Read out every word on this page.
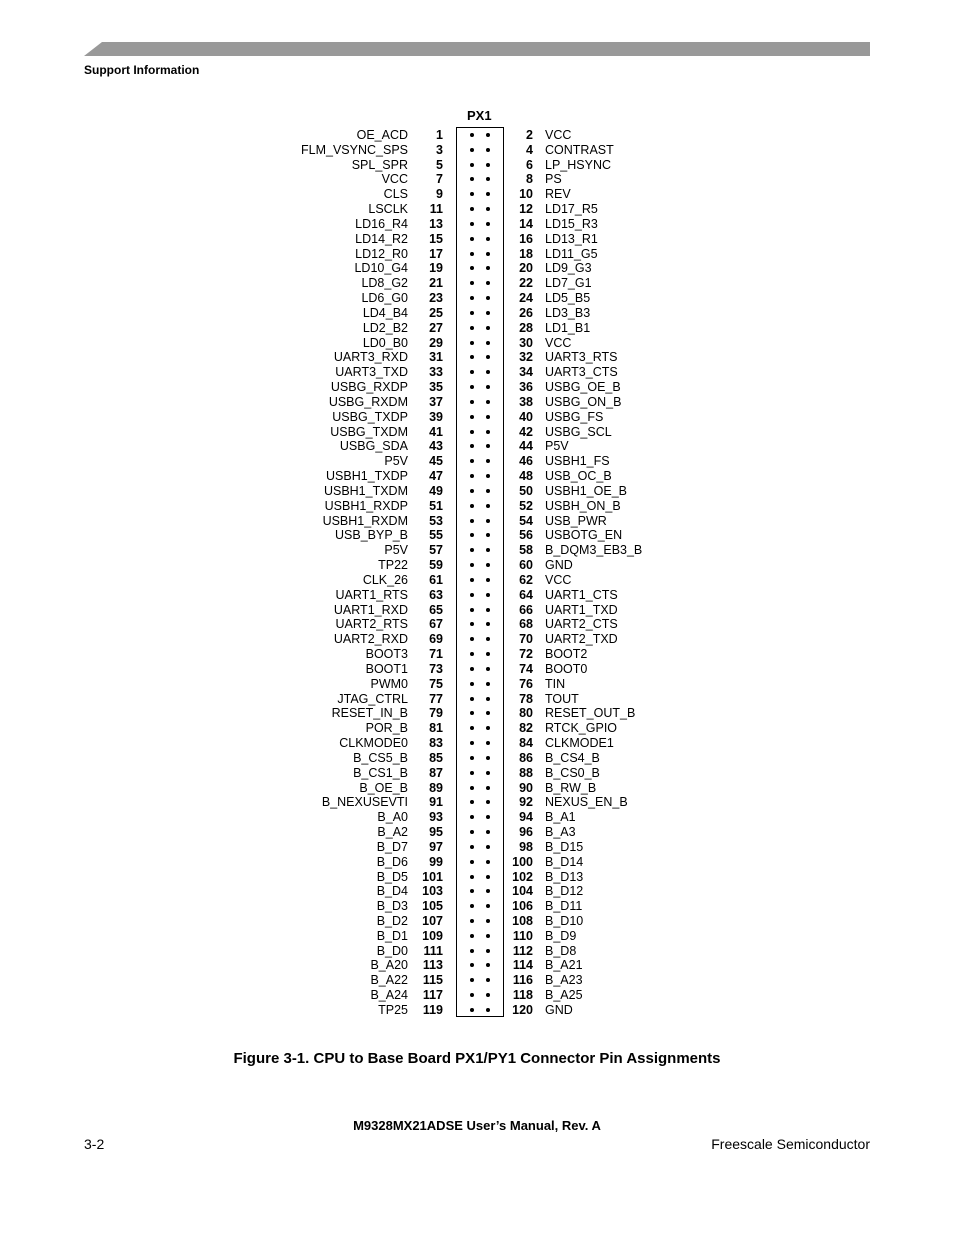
Support Information
PX1
OE_ACD	1	2 VCC
FLM_VSYNC_SPS	3	4 CONTRAST
SPL_SPR	5	6 LP_HSYNC
VCC	7	8 PS
CLS	9	10 REV
LSCLK	11	12 LD17_R5
LD16_R4	13	14 LD15_R3
LD14_R2	15	16 LD13_R1
LD12_R0	17	18 LD11_G5
LD10_G4	19	20 LD9_G3
LD8_G2	21	22 LD7_G1
LD6_G0	23	24 LD5_B5
LD4_B4	25	26 LD3_B3
LD2_B2	27	28 LD1_B1
LD0_B0	29	30 VCC
UART3_RXD	31	32 UART3_RTS
UART3_TXD	33	34 UART3_CTS
USBG_RXDP	35	36 USBG_OE_B
USBG_RXDM	37	38 USBG_ON_B
USBG_TXDP	39	40 USBG_FS
USBG_TXDM	41	42 USBG_SCL
USBG_SDA	43	44 P5V
P5V	45	46 USBH1_FS
USBH1_TXDP	47	48 USB_OC_B
USBH1_TXDM	49	50 USBH1_OE_B
USBH1_RXDP	51	52 USBH_ON_B
USBH1_RXDM	53	54 USB_PWR
USB_BYP_B	55	56 USBOTG_EN
P5V	57	58 B_DQM3_EB3_B
TP22	59	60 GND
CLK_26	61	62 VCC
UART1_RTS	63	64 UART1_CTS
UART1_RXD	65	66 UART1_TXD
UART2_RTS	67	68 UART2_CTS
UART2_RXD	69	70 UART2_TXD
BOOT3	71	72 BOOT2
BOOT1	73	74 BOOT0
PWM0	75	76 TIN
JTAG_CTRL	77	78 TOUT
RESET_IN_B	79	80 RESET_OUT_B
POR_B	81	82 RTCK_GPIO
CLKMODE0	83	84 CLKMODE1
B_CS5_B	85	86 B_CS4_B
B_CS1_B	87	88 B_CS0_B
B_OE_B	89	90 B_RW_B
B_NEXUSEVTI	91	92 NEXUS_EN_B
B_A0	93	94 B_A1
B_A2	95	96 B_A3
B_D7	97	98 B_D15
B_D6	99	100 B_D14
B_D5	101	102 B_D13
B_D4	103	104 B_D12
B_D3	105	106 B_D11
B_D2	107	108 B_D10
B_D1	109	110 B_D9
B_D0	111	112 B_D8
B_A20	113	114 B_A21
B_A22	115	116 B_A23
B_A24	117	118 B_A25
TP25	119	120 GND
Figure 3-1. CPU to Base Board PX1/PY1 Connector Pin Assignments
M9328MX21ADSE User’s Manual, Rev. A
3-2	Freescale Semiconductor
